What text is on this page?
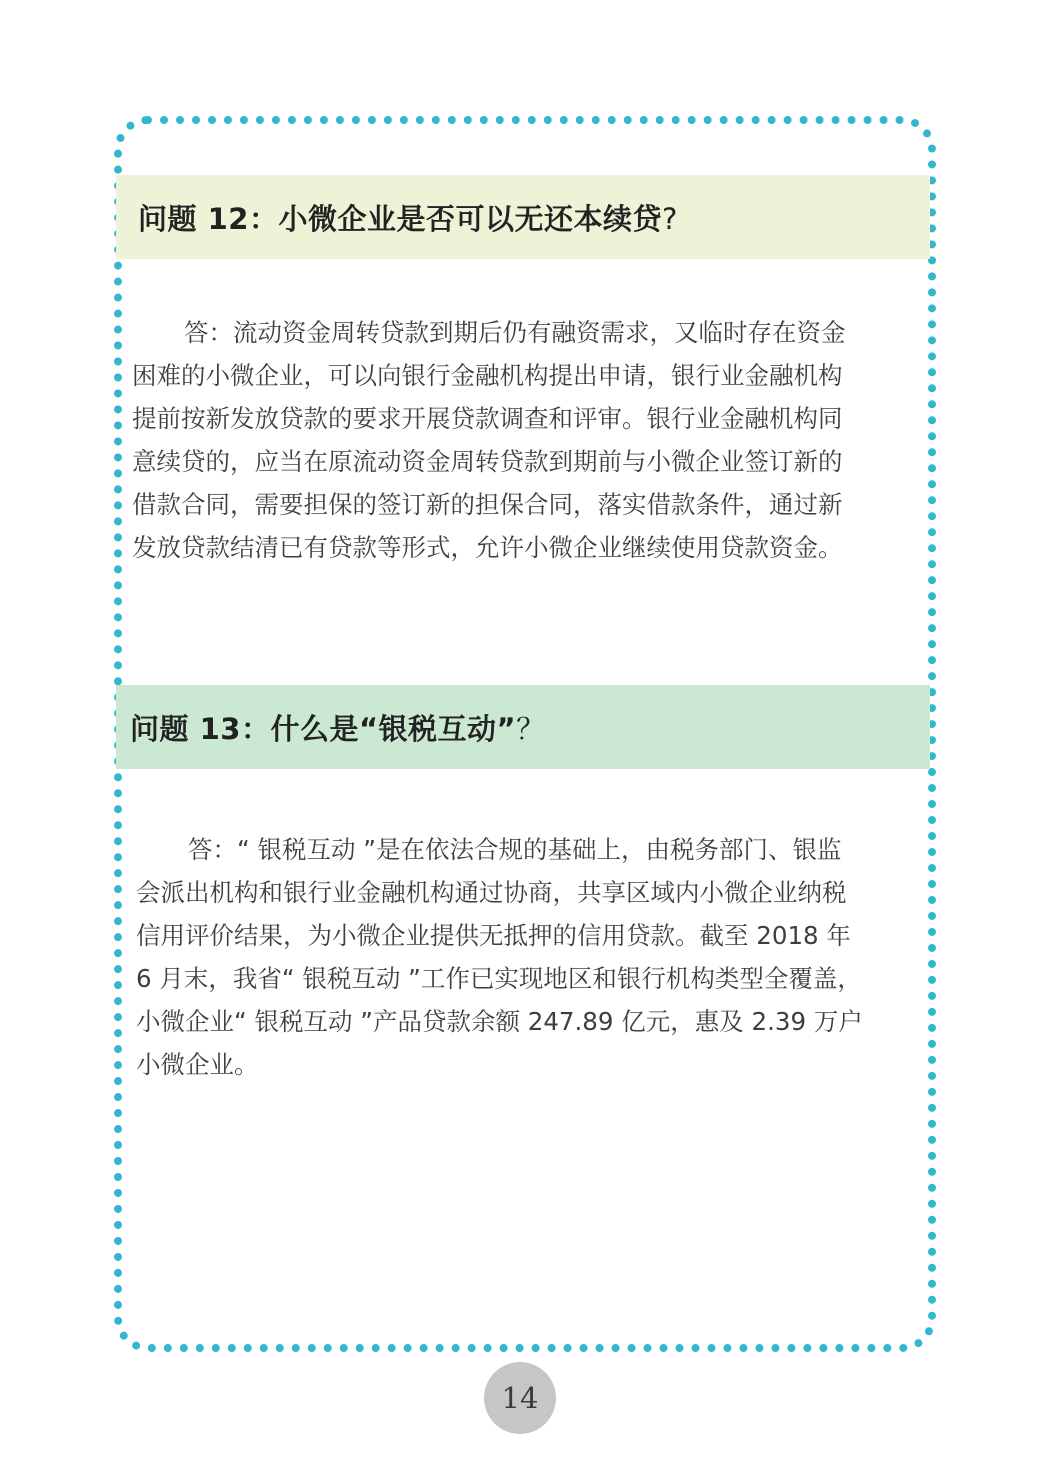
问题 12：小微企业是否可以无还本续贷?
答：流动资金周转贷款到期后仍有融资需求，又临时存在资金
困难的小微企业，可以向银行金融机构提出申请，银行业金融机构
提前按新发放贷款的要求开展贷款调查和评审。银行业金融机构同
意续贷的，应当在原流动资金周转贷款到期前与小微企业签订新的
借款合同，需要担保的签订新的担保合同，落实借款条件，通过新
发放贷款结清已有贷款等形式，允许小微企业继续使用贷款资金。
问题 13：什么是“银税互动”？
答：“ 银税互动 ”是在依法合规的基础上，由税务部门、银监
会派出机构和银行业金融机构通过协商，共享区域内小微企业纳税
信用评价结果，为小微企业提供无抵押的信用贷款。截至 2018 年
6 月末，我省“ 银税互动 ”工作已实现地区和银行机构类型全覆盖，
小微企业“ 银税互动 ”产品贷款余额 247.89 亿元，惠及 2.39 万户
小微企业。
14
